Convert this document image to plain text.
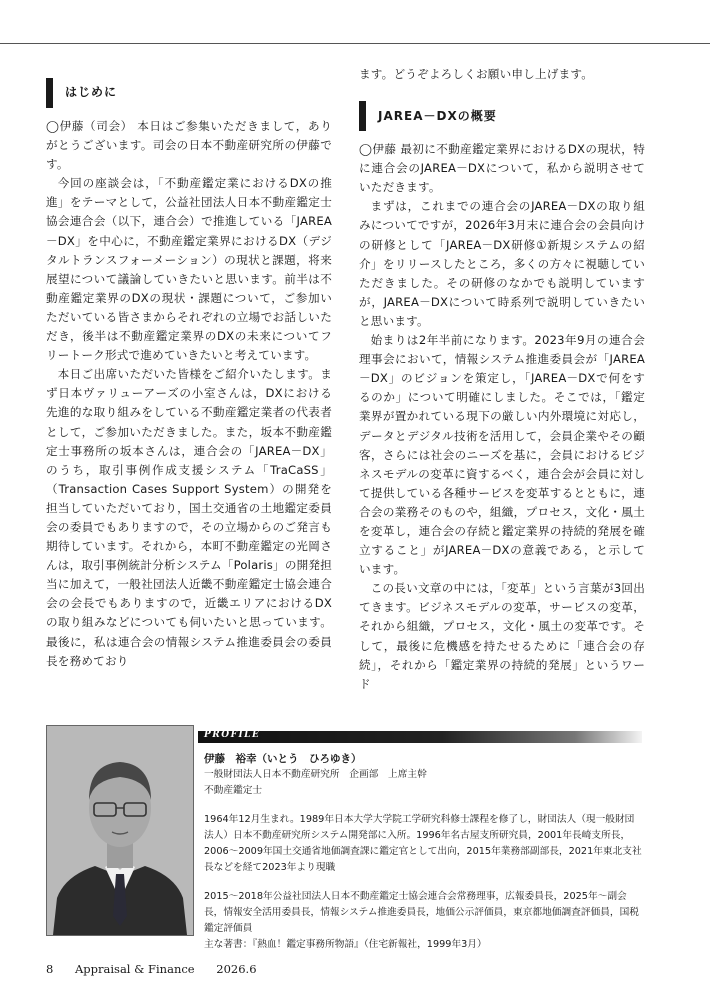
はじめに

◯伊藤（司会） 本日はご参集いただきまして，ありがとうございます。司会の日本不動産研究所の伊藤です。

今回の座談会は，「不動産鑑定業におけるDXの推進」をテーマとして，公益社団法人日本不動産鑑定士協会連合会（以下，連合会）で推進している「JAREA－DX」を中心に，不動産鑑定業界におけるDX（デジタルトランスフォーメーション）の現状と課題，将来展望について議論していきたいと思います。前半は不動産鑑定業界のDXの現状・課題について，ご参加いただいている皆さまからそれぞれの立場でお話しいただき，後半は不動産鑑定業界のDXの未来についてフリートーク形式で進めていきたいと考えています。

本日ご出席いただいた皆様をご紹介いたします。まず日本ヴァリューアーズの小室さんは，DXにおける先進的な取り組みをしている不動産鑑定業者の代表者として，ご参加いただきました。また，坂本不動産鑑定士事務所の坂本さんは，連合会の「JAREA－DX」のうち，取引事例作成支援システム「TraCaSS」（Transaction Cases Support System）の開発を担当していただいており，国土交通省の土地鑑定委員会の委員でもありますので，その立場からのご発言も期待しています。それから，本町不動産鑑定の光岡さんは，取引事例統計分析システム「Polaris」の開発担当に加えて，一般社団法人近畿不動産鑑定士協会連合会の会長でもありますので，近畿エリアにおけるDXの取り組みなどについても伺いたいと思っています。最後に，私は連合会の情報システム推進委員会の委員長を務めており

ます。どうぞよろしくお願い申し上げます。

JAREA－DXの概要

◯伊藤 最初に不動産鑑定業界におけるDXの現状，特に連合会のJAREA－DXについて，私から説明させていただきます。

まずは，これまでの連合会のJAREA－DXの取り組みについてですが，2026年3月末に連合会の会員向けの研修として「JAREA－DX研修①新規システムの紹介」をリリースしたところ，多くの方々に視聴していただきました。その研修のなかでも説明していますが，JAREA－DXについて時系列で説明していきたいと思います。

始まりは2年半前になります。2023年9月の連合会理事会において，情報システム推進委員会が「JAREA－DX」のビジョンを策定し，「JAREA－DXで何をするのか」について明確にしました。そこでは，「鑑定業界が置かれている現下の厳しい内外環境に対応し，データとデジタル技術を活用して，会員企業やその顧客，さらには社会のニーズを基に，会員におけるビジネスモデルの変革に資するべく，連合会が会員に対して提供している各種サービスを変革するとともに，連合会の業務そのものや，組織，プロセス，文化・風土を変革し，連合会の存続と鑑定業界の持続的発展を確立すること」がJAREA－DXの意義である，と示しています。

この長い文章の中には，「変革」という言葉が3回出てきます。ビジネスモデルの変革，サービスの変革，それから組織，プロセス，文化・風土の変革です。そして，最後に危機感を持たせるために「連合会の存続」，それから「鑑定業界の持続的発展」というワード

PROFILE

伊藤　裕幸（いとう　ひろゆき）

一般財団法人日本不動産研究所　企画部　上席主幹

不動産鑑定士

1964年12月生まれ。1989年日本大学大学院工学研究科修士課程を修了し，財団法人（現一般財団法人）日本不動産研究所システム開発部に入所。1996年名古屋支所研究員，2001年長崎支所長，2006～2009年国土交通省地価調査課に鑑定官として出向，2015年業務部副部長，2021年東北支社長などを経て2023年より現職

2015～2018年公益社団法人日本不動産鑑定士協会連合会常務理事，広報委員長，2025年～副会長，情報安全活用委員長，情報システム推進委員長，地価公示評価員，東京都地価調査評価員，国税鑑定評価員

主な著書：『熱血！鑑定事務所物語』（住宅新報社，1999年3月）

8 Appraisal & Finance 2026.6
